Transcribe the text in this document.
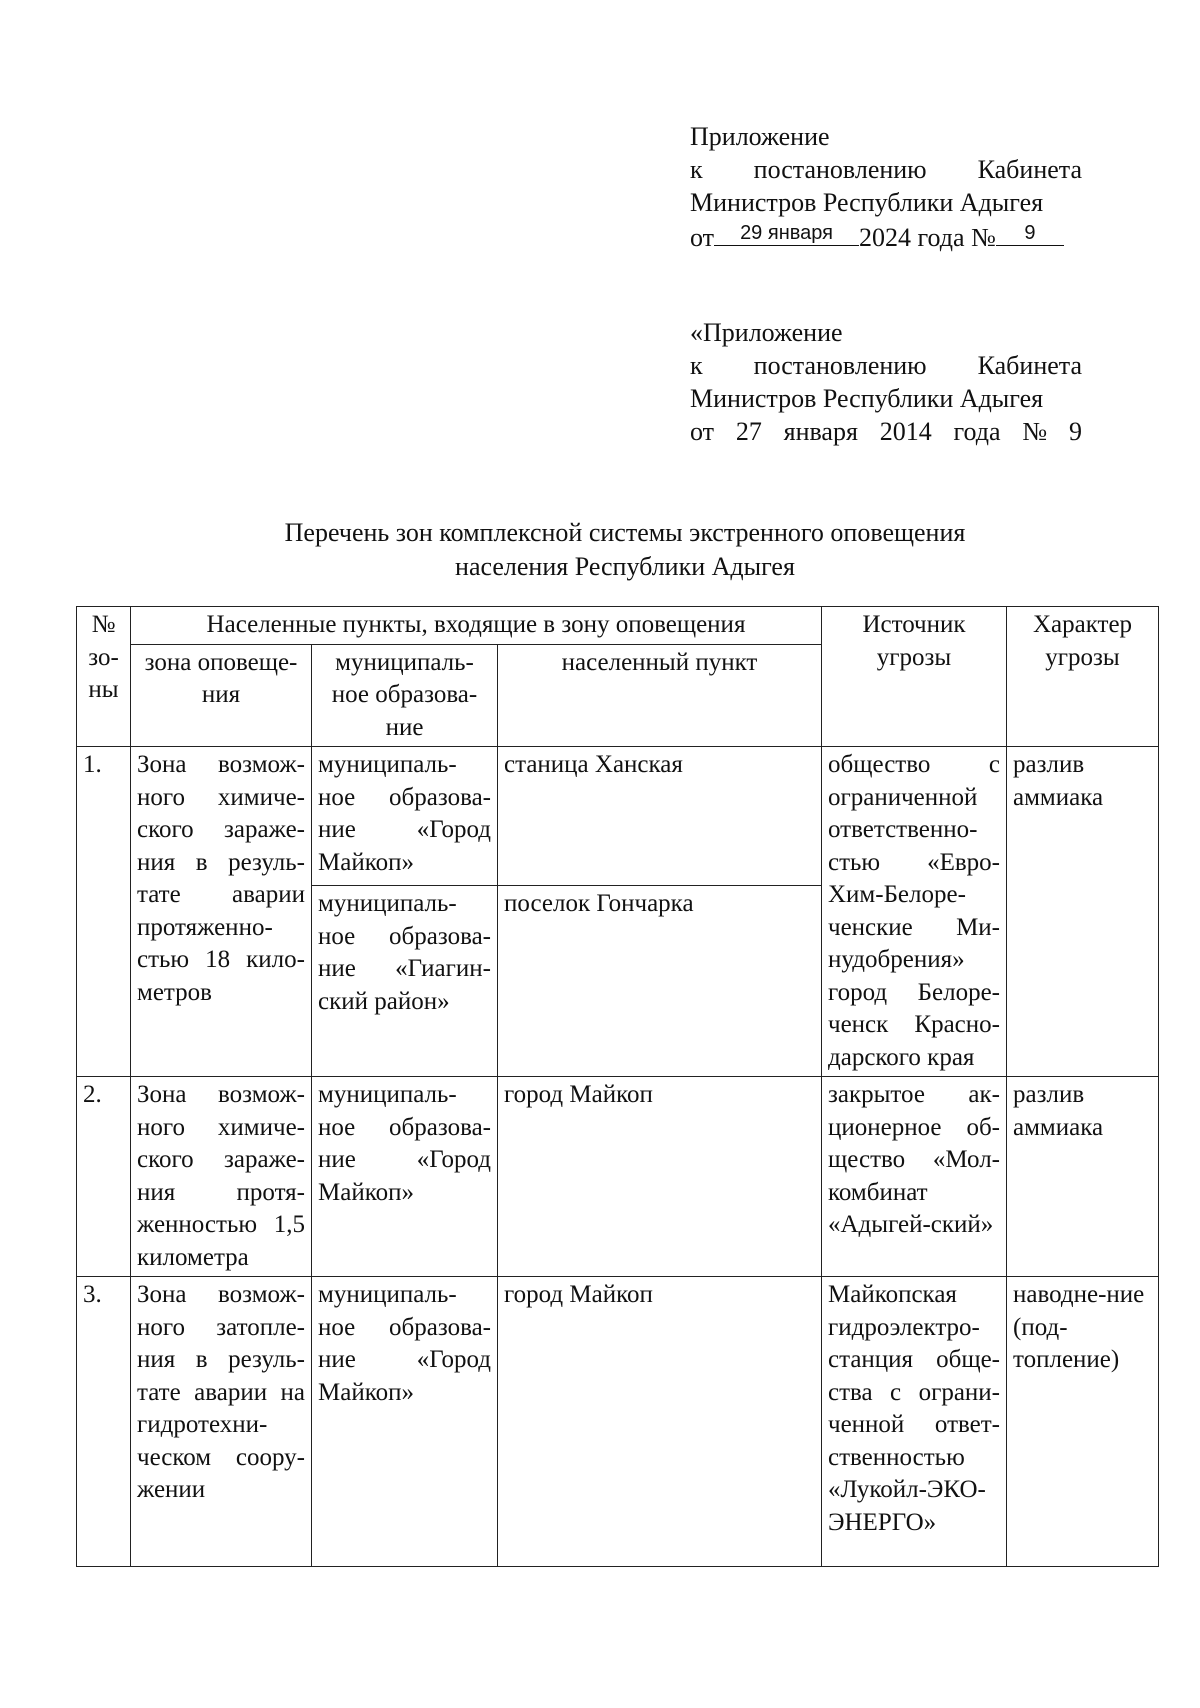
Приложение
к постановлению Кабинета
Министров Республики Адыгея
от	29 января	2024 года №	9
«Приложение
к постановлению Кабинета
Министров Республики Адыгея
от 27 января 2014 года № 9
Перечень зон комплексной системы экстренного оповещения
населения Республики Адыгея
№ зо-ны	Населенные пункты, входящие в зону оповещения			Источник угрозы	Характер угрозы
	зона оповеще-ния	муниципаль-ное образова-ние	населенный пункт		
1.	Зона возмож-ного химиче-ского зараже-ния в резуль-тате аварии протяженно-стью 18 кило-метров	муниципаль-ное образова-ние «Город Майкоп»	станица Ханская	общество с ограниченной ответственно-стью «Евро-Хим-Белоре-ченские Ми-нудобрения» город Белоре-ченск Красно-дарского края	разлив аммиака
		муниципаль-ное образова-ние «Гиагин-ский район»	поселок Гончарка		
2.	Зона возмож-ного химиче-ского зараже-ния протя-женностью 1,5 километра	муниципаль-ное образова-ние «Город Майкоп»	город Майкоп	закрытое ак-ционерное об-щество «Мол-комбинат «Адыгей-ский»	разлив аммиака
3.	Зона возмож-ного затопле-ния в резуль-тате аварии на гидротехни-ческом соору-жении	муниципаль-ное образова-ние «Город Майкоп»	город Майкоп	Майкопская гидроэлектро-станция обще-ства с ограни-ченной ответ-ственностью «Лукойл-ЭКО-ЭНЕРГО»	наводне-ние (под-топление)
